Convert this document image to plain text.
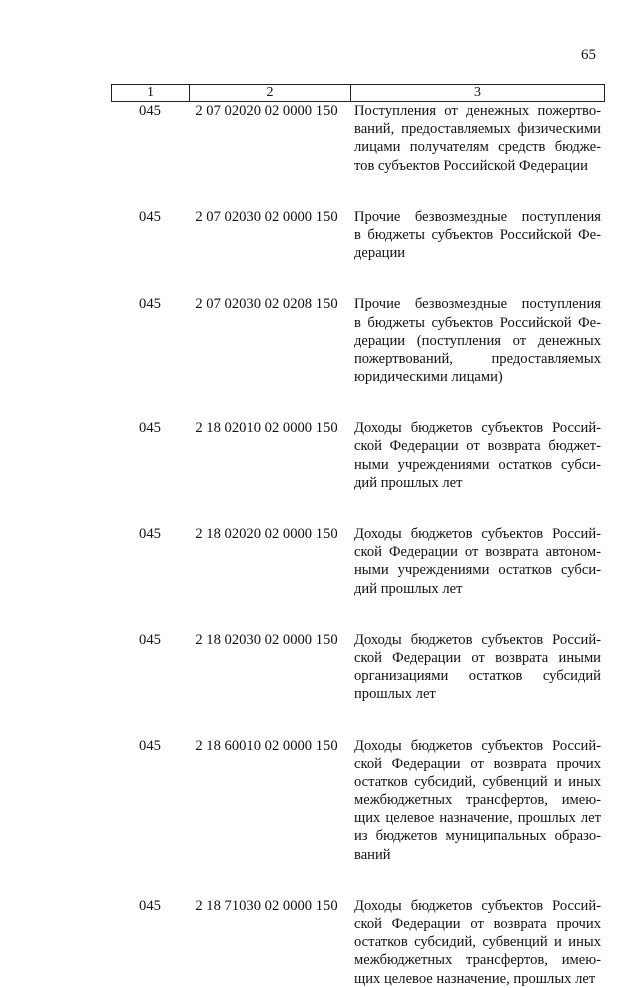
65
1	2	3
045	2 07 02020 02 0000 150	Поступления от денежных пожертво-
ваний, предоставляемых физическими
лицами получателям средств бюдже-
тов субъектов Российской Федерации
045	2 07 02030 02 0000 150	Прочие безвозмездные поступления
в бюджеты субъектов Российской Фе-
дерации
045	2 07 02030 02 0208 150	Прочие безвозмездные поступления
в бюджеты субъектов Российской Фе-
дерации (поступления от денежных
пожертвований, предоставляемых
юридическими лицами)
045	2 18 02010 02 0000 150	Доходы бюджетов субъектов Россий-
ской Федерации от возврата бюджет-
ными учреждениями остатков субси-
дий прошлых лет
045	2 18 02020 02 0000 150	Доходы бюджетов субъектов Россий-
ской Федерации от возврата автоном-
ными учреждениями остатков субси-
дий прошлых лет
045	2 18 02030 02 0000 150	Доходы бюджетов субъектов Россий-
ской Федерации от возврата иными
организациями остатков субсидий
прошлых лет
045	2 18 60010 02 0000 150	Доходы бюджетов субъектов Россий-
ской Федерации от возврата прочих
остатков субсидий, субвенций и иных
межбюджетных трансфертов, имею-
щих целевое назначение, прошлых лет
из бюджетов муниципальных образо-
ваний
045	2 18 71030 02 0000 150	Доходы бюджетов субъектов Россий-
ской Федерации от возврата прочих
остатков субсидий, субвенций и иных
межбюджетных трансфертов, имею-
щих целевое назначение, прошлых лет
